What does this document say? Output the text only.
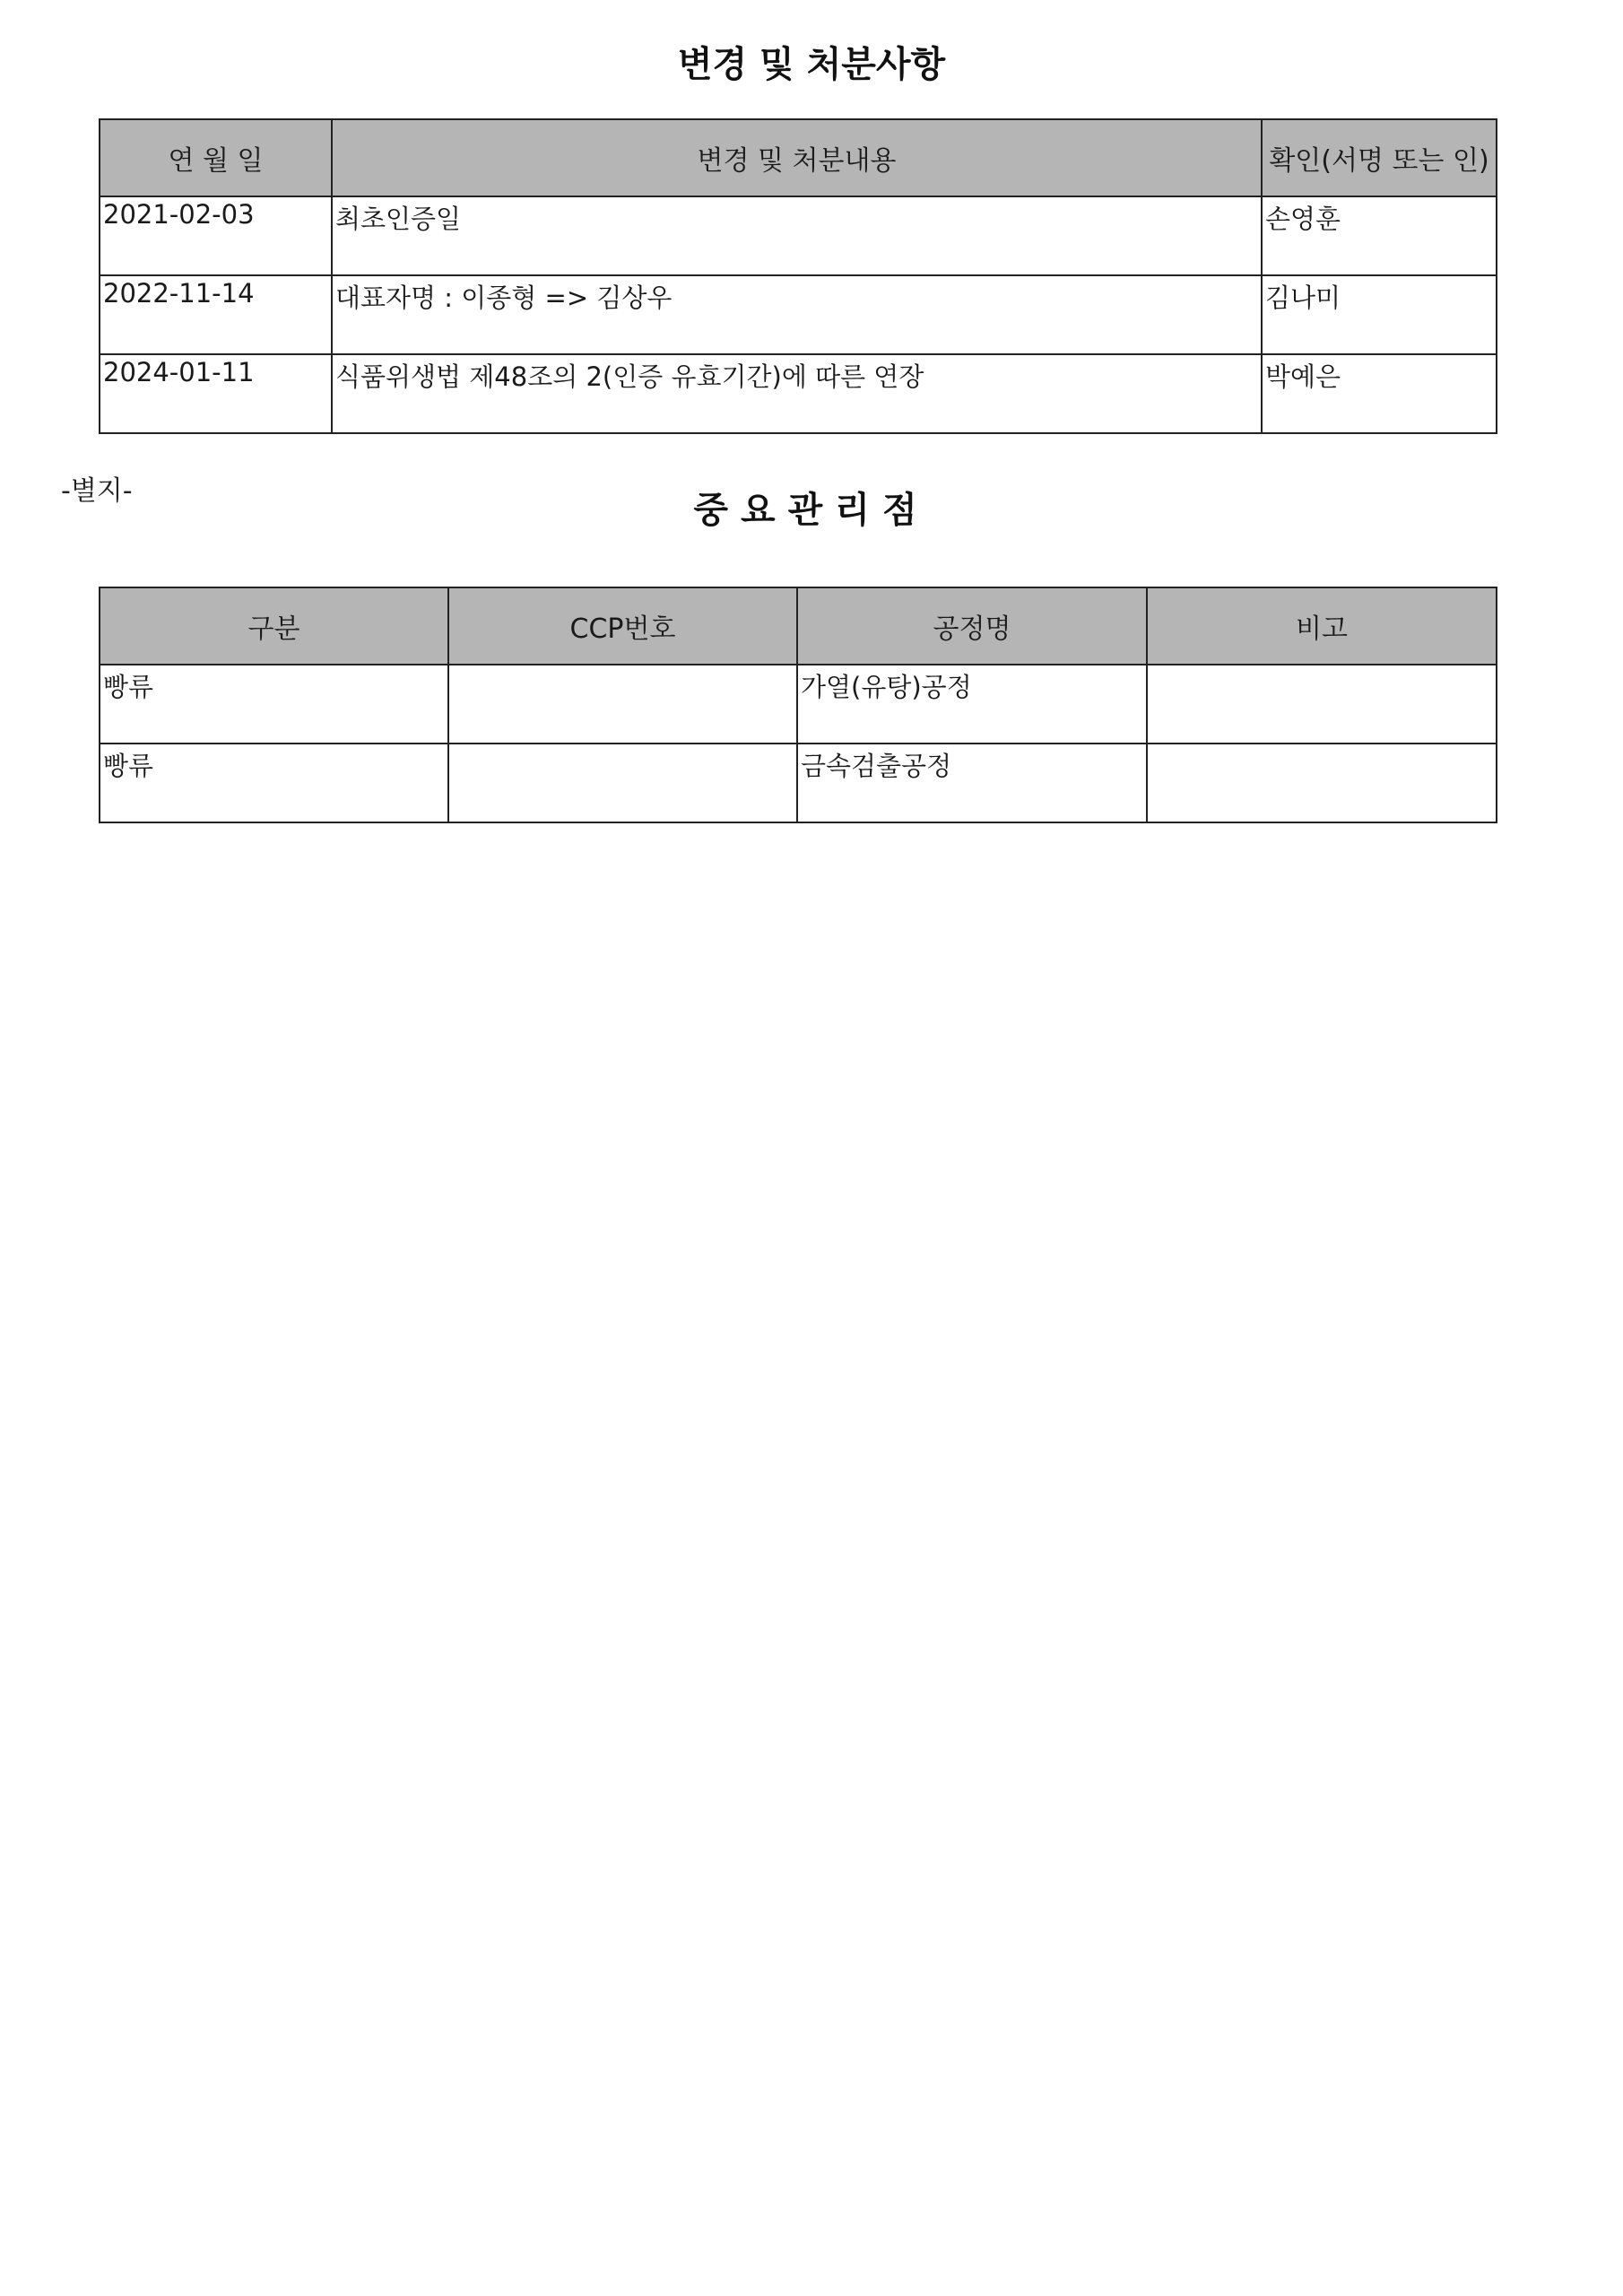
변경 및 처분사항
연 월 일	변경 및 처분내용	확인(서명 또는 인)
2021-02-03	최초인증일	손영훈
2022-11-14	대표자명 : 이종형 => 김상우	김나미
2024-01-11	식품위생법 제48조의 2(인증 유효기간)에 따른 연장	박예은
-별지-	중요관리점
구분	CCP번호	공정명	비고
빵류		가열(유탕)공정	
빵류		금속검출공정	
